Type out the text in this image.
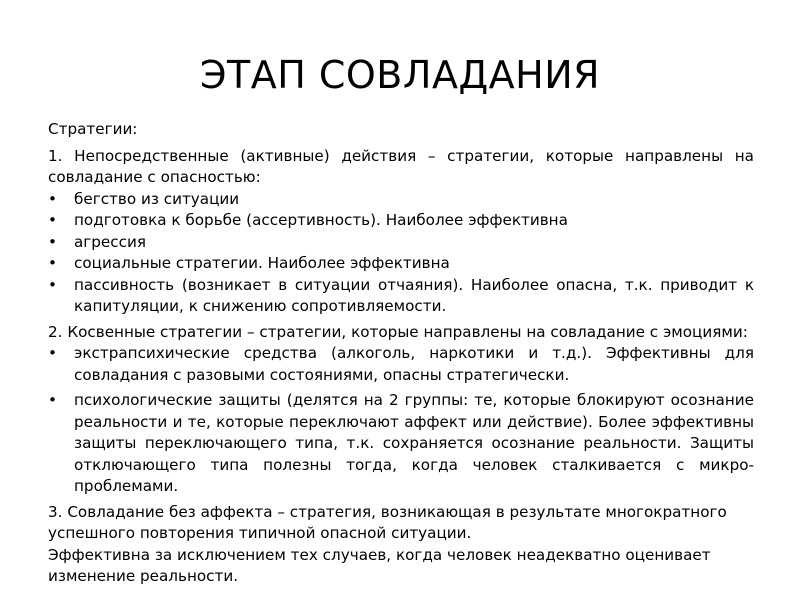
ЭТАП СОВЛАДАНИЯ

Стратегии:

1. Непосредственные (активные) действия – стратегии, которые направлены на совладание с опасностью:

• бегство из ситуации
• подготовка к борьбе (ассертивность). Наиболее эффективна
• агрессия
• социальные стратегии. Наиболее эффективна
• пассивность (возникает в ситуации отчаяния). Наиболее опасна, т.к. приводит к капитуляции, к снижению сопротивляемости.

2. Косвенные стратегии – стратегии, которые направлены на совладание с эмоциями:

• экстрапсихические средства (алкоголь, наркотики и т.д.). Эффективны для совладания с разовыми состояниями, опасны стратегически.
• психологические защиты (делятся на 2 группы: те, которые блокируют осознание реальности и те, которые переключают аффект или действие). Более эффективны защиты переключающего типа, т.к. сохраняется осознание реальности. Защиты отключающего типа полезны тогда, когда человек сталкивается с микро-проблемами.

3. Совладание без аффекта – стратегия, возникающая в результате многократного успешного повторения типичной опасной ситуации.

Эффективна за исключением тех случаев, когда человек неадекватно оценивает изменение реальности.
